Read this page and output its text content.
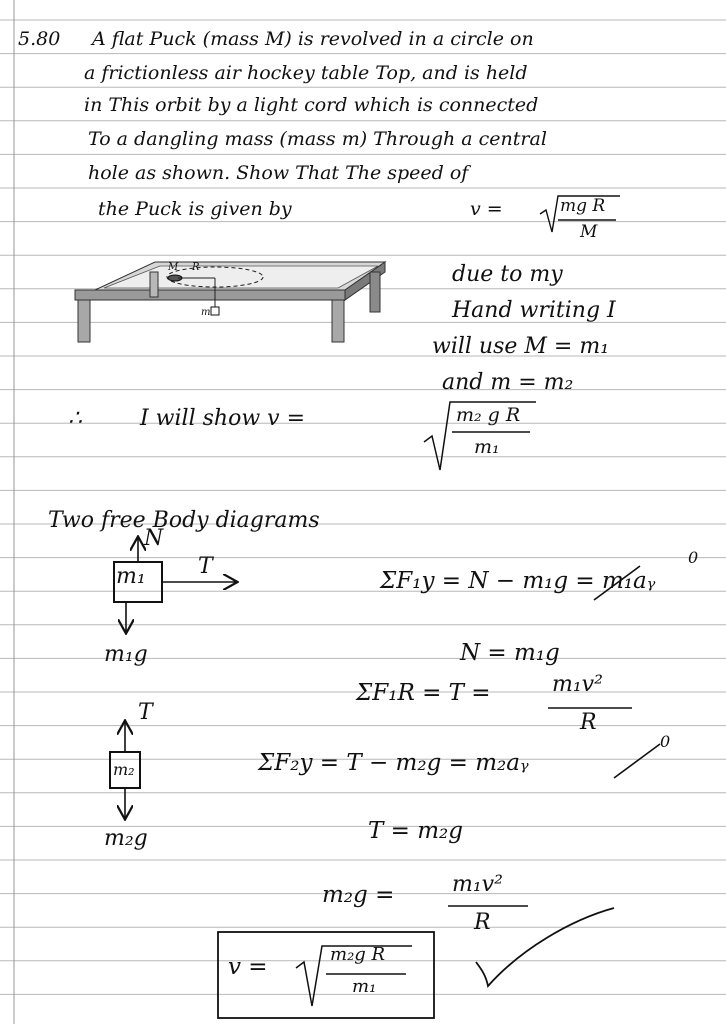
5.80 A flat Puck (mass M) is revolved in a circle on
a frictionless air hockey table Top, and is held
in This orbit by a light cord which is connected
To a dangling mass (mass m) Through a central
hole as shown. Show That The speed of
the Puck is given by	v =	mg R
M
M R
m
due to my
Hand writing I
will use M = m₁
and m = m₂
∴	I will show v =	m₂ g R
m₁
Two free Body diagrams
m₁
N
T
m₁g
m₂
T
m₂g
ΣF₁y = N − m₁g = m₁aᵧ
0
N = m₁g
ΣF₁R = T =	m₁v²
R
ΣF₂y = T − m₂g = m₂aᵧ
0
T = m₂g
m₂g =	m₁v²
R
v =	m₂g R
m₁
